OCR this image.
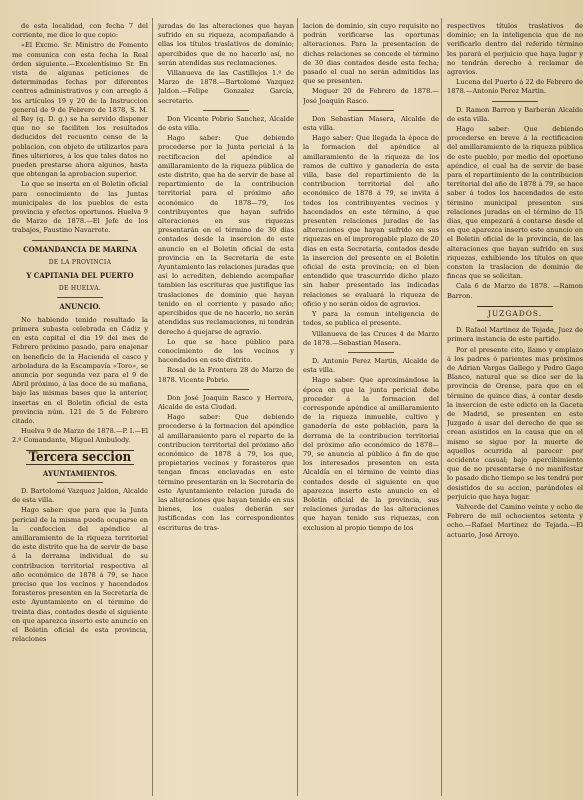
de esta localidad, con fecha 7 del corriente, me dice lo que copio:

«El Excmo. Sr. Ministro de Fomento me comunica con esta fecha la Real órden siguiente.—Excelentísimo Sr. En vista de algunas peticiones de determinadas fechas por diferentes centros administrativos y con arreglo á los artículos 19 y 20 de la Instruccion general de 9 de Febrero de 1878, S. M. el Rey (q. D. g.) se ha servido disponer que no se faciliten los resultados deducidos del recuento censo de la poblacion, con objeto de utilizarlos para fines ulteriores, á los que tales datos no pueden prestarse ahora algunos, hasta que obtengan la aprobacion superior.

Lo que se inserta en el Boletin oficial para conocimiento de las Juntas municipales de los pueblos de esta provincia y efectos oportunos. Huelva 9 de Marzo de 1878.—El Jefe de los trabajos, Faustino Navarrete.

COMANDANCIA DE MARINA
DE LA PROVINCIA
Y CAPITANIA DEL PUERTO
DE HUELVA.
ANUNCIO.

No habiendo tenido resultado la primera subasta celebrada en Cádiz y en esta capital el dia 19 del mes de Febrero próximo pasado, para enajenar en beneficio de la Hacienda el casco y arboladura de la Escampavía «Toro», se anuncia por segunda vez para el 9 de Abril próximo, á las doce de su mañana, bajo las mismas bases que la anterior, insertas en el Boletin oficial de esta provincia núm. 121 de 5 de Febrero citado.

Huelva 9 de Marzo de 1878.—P. I.—El 2.º Comandante, Miguel Ambulody.

Tercera seccion
AYUNTAMIENTOS.

D. Bartolomé Vazquez Jaldon, Alcalde de esta villa.

Hago saber: que para que la Junta pericial de la misma pueda ocuparse en la confeccion del apéndice al amillaramiento de la riqueza territorial de este distrito que ha de servir de base á la derrama individual de su contribucion territorial respectiva al año económico de 1878 á 79, se hace preciso que los vecinos y hacendados forasteros presenten en la Secretaría de este Ayuntamiento en el término de treinta dias, contados desde el siguiente en que aparezca inserto este anuncio en el Boletin oficial de esta provincia, relaciones

juradas de las alteraciones que hayan sufrido en su riqueza, acompañando á ellas los títulos traslativos de dominio; apercibidos que de no hacerlo así, no serán atendidas sus reclamaciones.

Villanueva de las Castillejos 1.º de Marzo de 1878.—Bartolomé Vazquez Jaldon.—Felipe Gonzalez García, secretario.

Don Vicente Pobrio Sanchez, Alcalde de esta villa.

Hago saber: Que debiendo procederse por la Junta pericial á la rectificacion del apéndice al amillaramiento de la riqueza pública de este distrito, que ha de servir de base al repartimiento de la contribucion territorial para el próximo año económico de 1878—79, los contribuyentes que hayan sufrido alteraciones en sus riquezas presentarán en el término de 30 dias contados desde la insercion de este anuncio en el Boletin oficial de esta provincia en la Secretaría de este Ayuntamiento las relaciones juradas que así lo acrediten, debiendo acompañar tambien las escrituras que justifique las traslaciones de dominio que hayan tenido en el corriente y pasado año; apercibidos que de no hacerlo, no serán atendidas sus reclamaciones, ni tendrán derecho á quejarse de agravio.

Lo que se hace público para conocimiento de los vecinos y hacendados en este distrito.

Rosal de la Frontera 28 de Marzo de 1878. Vicente Pobrio.

Don José Joaquin Rasco y Herrera, Alcalde de esta Ciudad.

Hago saber: Que debiendo procederse á la formacion del apéndice al amillaramiento para el reparto de la contribucion territorial del próximo año económico de 1878 á 79, los que, propietarios vecinos y forasteros que tengan fincas enclavadas en este término presentarán en la Secretaría de este Ayuntamiento relacion jurada de las alteraciones que hayan tenido en sus bienes, los cuales deberán ser justificadas con las correspondientes escrituras de tras-

lacion de dominio, sin cuyo requisito no podrán verificarse las oportunas alteraciones. Para la presentacion de dichas relaciones se concede el término de 30 dias contados desde esta fecha; pasado el cual no serán admitidas las que se presenten.

Moguer 20 de Febrero de 1878.—José Joaquin Rasco.

Don Sebastian Masera, Alcalde de esta villa.

Hago saber: Que llegada la época de la formacion del apéndice al amillaramiento de la riqueza de los ramos de cultivo y ganadería de esta villa, base del repartimiento de la contribucion territorial del año económico de 1878 á 79, se invita á todos los contribuyentes vecinos y hacendados en este término, á que presenten relaciones juradas de las alteraciones que hayan sufrido en sus riquezas en el improrogable plazo de 20 dias en esta Secretaría, contados desde la insercion del presente en el Boletin oficial de esta provincia; en el bien entendido que trascurrido dicho plazo sin haber presentado las indicadas relaciones se evaluará la riqueza de oficio y no serán oidos de agravios.

Y para la comun inteligencia de todos, se publica el presente.

Villanueva de las Cruces 4 de Marzo de 1878.—Sebastian Masera.

D. Antonio Perez Martin, Alcalde de esta villa.

Hago saber: Que aproximándose la época en que la junta pericial debe proceder á la formacion del corresponde apéndice al amillaramiento de la riqueza inmueble, cultivo y ganadería de este población, para la derrama de la contribucion territorial del próximo año económico de 1878—79, se anuncia al público á fin de que los interesados presenten en esta Alcaldía en el término de veinte dias contados desde el siguiente en que aparezca inserto este anuncio en el Boletin oficial de la provincia, sus relaciones juradas de las alteraciones que hayan tenido sus riquezas, con exclusion al propio tiempo de los

respectivos títulos traslativos de dominio; en la inteligencia que de no verificarlo dentro del referido término les parará el perjuicio que haya lugar y no tendrán derecho á reclamar de agravios.

Lucena del Puerto á 22 de Febrero de 1878.—Antonio Perez Martin.

D. Ramon Barron y Barberán Alcalde de esta villa.

Hago saber: Que debiendo procederse en breve á la rectificacion del amillaramiento de la riqueza pública de este pueblo, por medio del oportuno apéndice, el cual ha de servir de base para el repartimiento de la contribucion territorial del año de 1878 á 79, se hace saber á todos los hacendados de este término municipal presenten sus relaciones juradas en el término de 15 dias, que empezará á contarse desde el en que aparezca inserto este anuncio en el Boletin oficial de la provincia, de las alteraciones que hayan sufrido en sus riquezas, exhibiendo los títulos en que consten la traslacion de dominio de fincas que se solicitan.

Cala 6 de Marzo de 1878. —Ramon Barron.

JUZGADOS.

D. Rafael Martinez de Tejada, Juez de primera instancia de este partido.

Por el presente cito, llamo y emplazo á los padres ó parientes mas próximos de Adrian Vargas Gallego y Pedro Gago Blanco, natural que se dice ser de la provincia de Orense, para que en el término de quince dias, á contar desde la insercion de este edicto en la Gaceta de Madrid, se presenten en este Juzgado á usar del derecho de que se crean asistidos en la causa que en el mismo se sigue por la muerte de aquellos ocurrida al parecer por accidente casual; bajo apercibimiento que de no presentarse ó no manifestar lo pasado dicho tiempo se les tendrá por desistidos de su accion, parándoles el perjuicio que haya lugar.

Valverde del Camino veinte y ocho de Febrero de mil ochocientos setenta y ocho.—Rafael Martinez de Tejada.—El actuario, José Arroyo.
